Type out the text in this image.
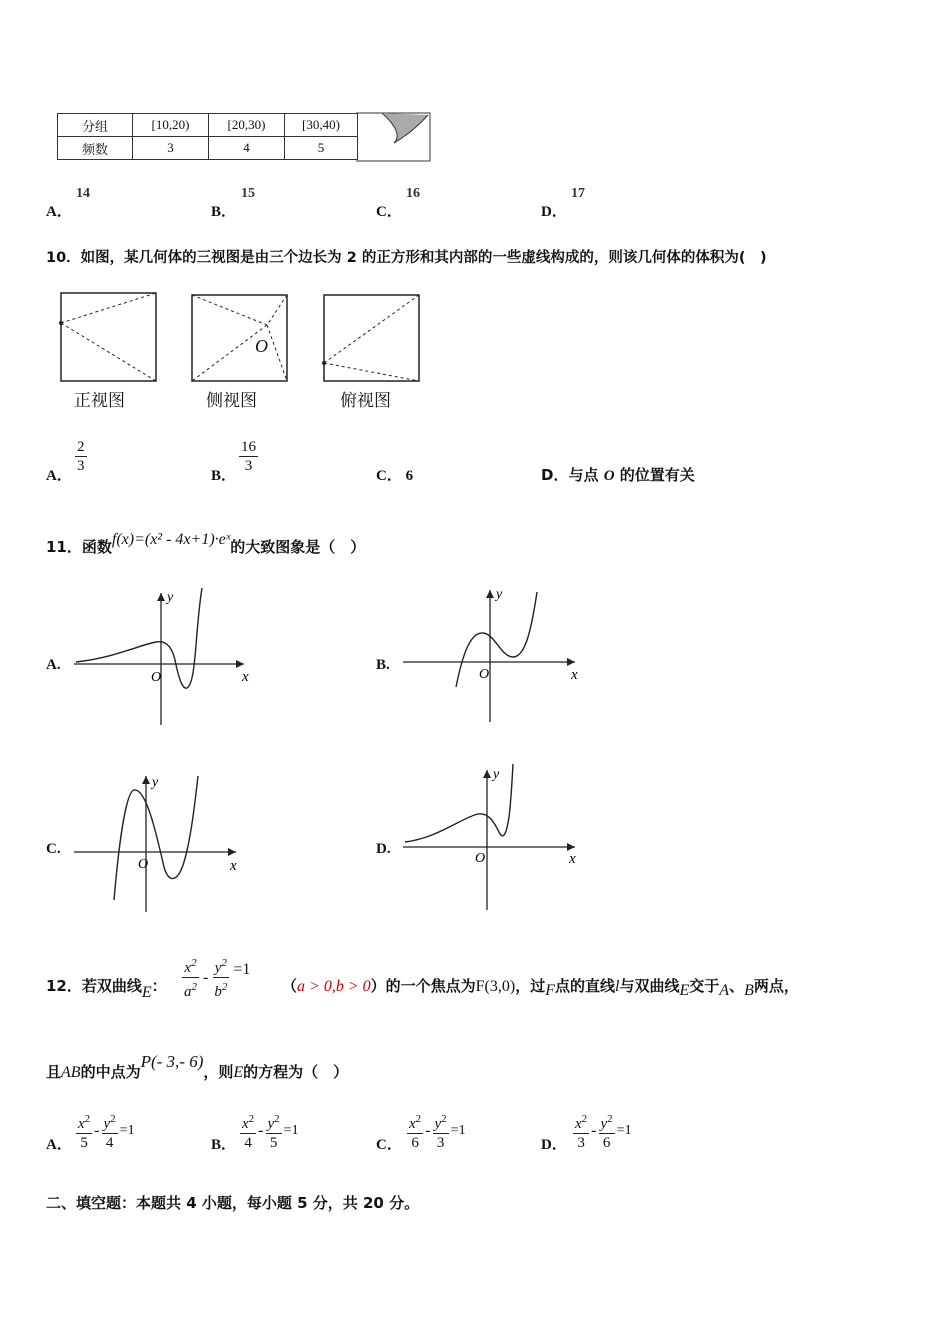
分组	[10,20)	[20,30)	[30,40)
频数	3	4	5
A．
14
B．
15
C．
16
D．
17
10．如图，某几何体的三视图是由三个边长为 2 的正方形和其内部的一些虚线构成的，则该几何体的体积为(　)
O
正视图	侧视图	俯视图
A．
$\frac{2}{3}$
B．
$\frac{16}{3}$
C． 6	D．与点 O 的位置有关
11．函数f(x)=(x² - 4x+1)·eˣ的大致图象是（　）
A.
y
x
O
B.
y
x
O
C.
y
x
O
D.
y
x
O
12．若双曲线E： $\frac{x^2}{a^2} - \frac{y^2}{b^2} =1$
（a > 0,b > 0）的一个焦点为F(3,0)，过F点的直线l与双曲线E交于A、B两点，
且AB的中点为P(- 3,- 6)，则E的方程为（　）
A． $\frac{x^2}{5} - \frac{y^2}{4} =1$
B． $\frac{x^2}{4} - \frac{y^2}{5} =1$
C． $\frac{x^2}{6} - \frac{y^2}{3} =1$
D． $\frac{x^2}{3} - \frac{y^2}{6} =1$
二、填空题：本题共 4 小题，每小题 5 分，共 20 分。
